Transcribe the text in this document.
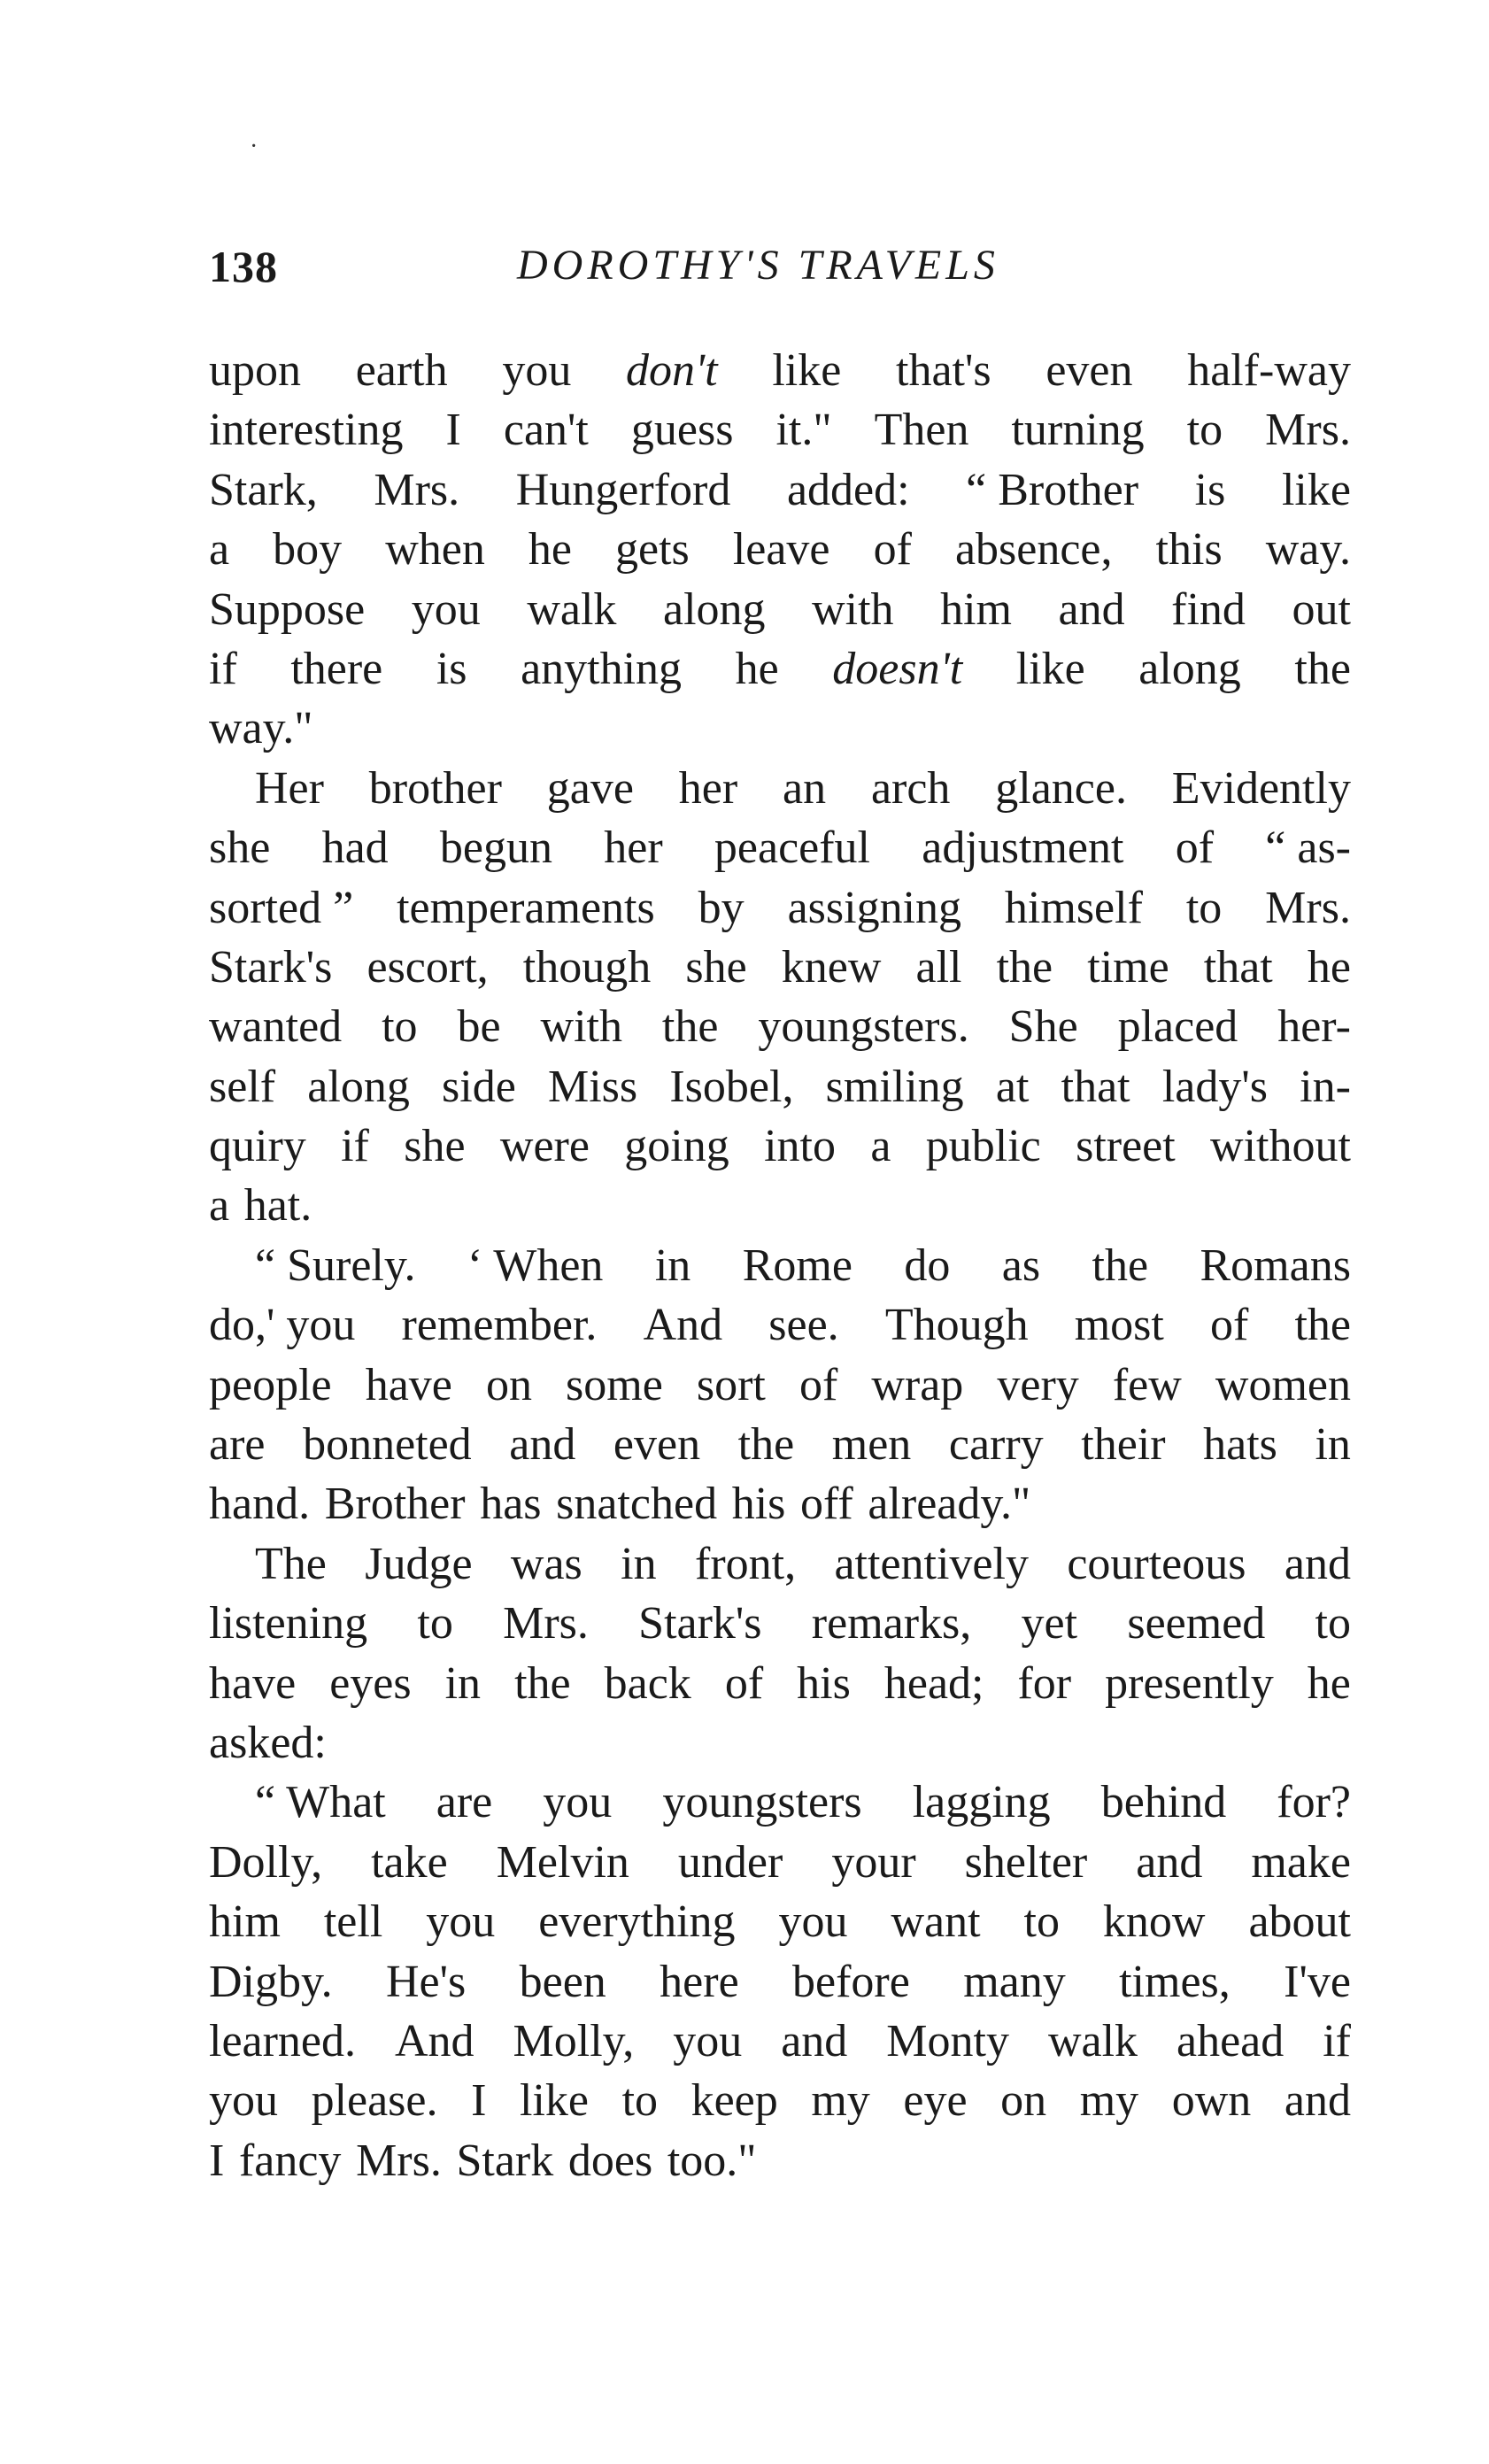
·
138	DOROTHY'S TRAVELS
upon earth you don't like that's even half-way
interesting I can't guess it." Then turning to Mrs.
Stark, Mrs. Hungerford added: “ Brother is like
a boy when he gets leave of absence, this way.
Suppose you walk along with him and find out
if there is anything he doesn't like along the
way."
Her brother gave her an arch glance. Evidently
she had begun her peaceful adjustment of “ as-
sorted ” temperaments by assigning himself to Mrs.
Stark's escort, though she knew all the time that he
wanted to be with the youngsters. She placed her-
self along side Miss Isobel, smiling at that lady's in-
quiry if she were going into a public street without
a hat.
“ Surely. ‘ When in Rome do as the Romans
do,' you remember. And see. Though most of the
people have on some sort of wrap very few women
are bonneted and even the men carry their hats in
hand. Brother has snatched his off already."
The Judge was in front, attentively courteous and
listening to Mrs. Stark's remarks, yet seemed to
have eyes in the back of his head; for presently he
asked:
“ What are you youngsters lagging behind for?
Dolly, take Melvin under your shelter and make
him tell you everything you want to know about
Digby. He's been here before many times, I've
learned. And Molly, you and Monty walk ahead if
you please. I like to keep my eye on my own and
I fancy Mrs. Stark does too."
